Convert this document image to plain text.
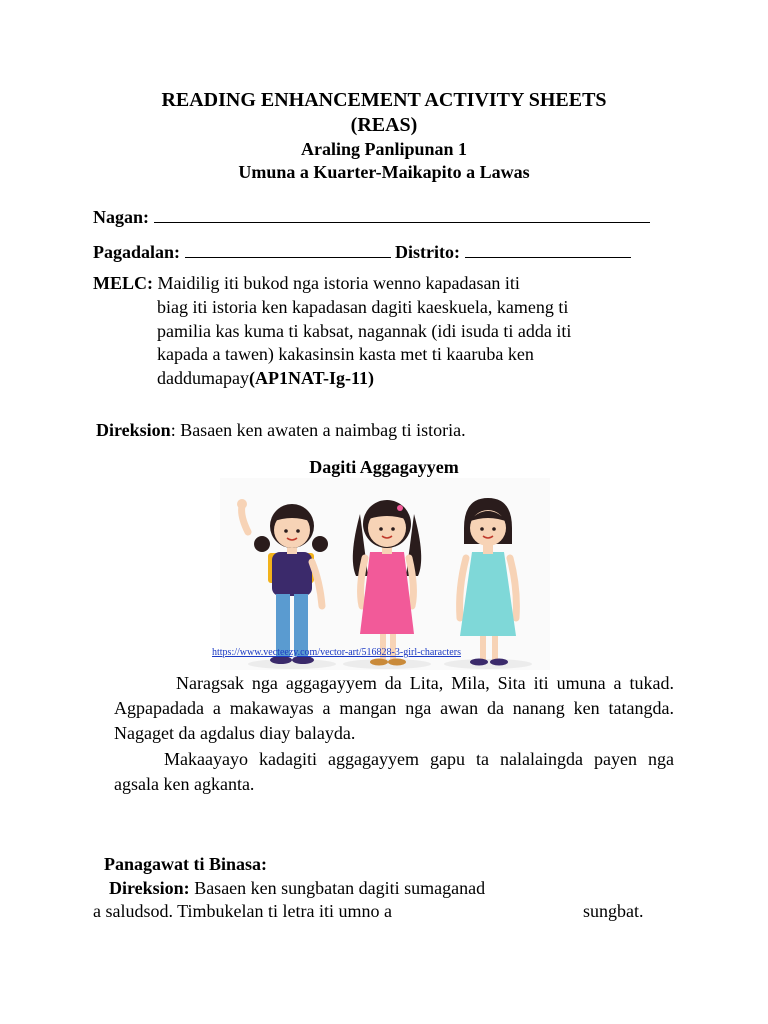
READING ENHANCEMENT ACTIVITY SHEETS
(REAS)
Araling Panlipunan 1
Umuna a Kuarter-Maikapito a Lawas
Nagan:
Pagadalan:	Distrito:
MELC: Maidilig iti bukod nga istoria wenno kapadasan iti
biag iti istoria ken kapadasan dagiti kaeskuela, kameng ti
pamilia kas kuma ti kabsat, nagannak (idi isuda ti adda iti
kapada a tawen) kakasinsin kasta met ti kaaruba ken
daddumapay(AP1NAT-Ig-11)
Direksion: Basaen ken awaten a naimbag ti istoria.
Dagiti Aggagayyem
https://www.vecteezy.com/vector-art/516828-3-girl-characters
Naragsak nga aggagayyem da Lita, Mila, Sita iti umuna a tukad. Agpapadada a makawayas a mangan nga awan da nanang ken tatangda. Nagaget da agdalus diay balayda.
Makaayayo kadagiti aggagayyem gapu ta nalalaingda payen nga agsala ken agkanta.
Panagawat ti Binasa:
Direksion: Basaen ken sungbatan dagiti sumaganad
a saludsod. Timbukelan ti letra iti umno a	sungbat.
